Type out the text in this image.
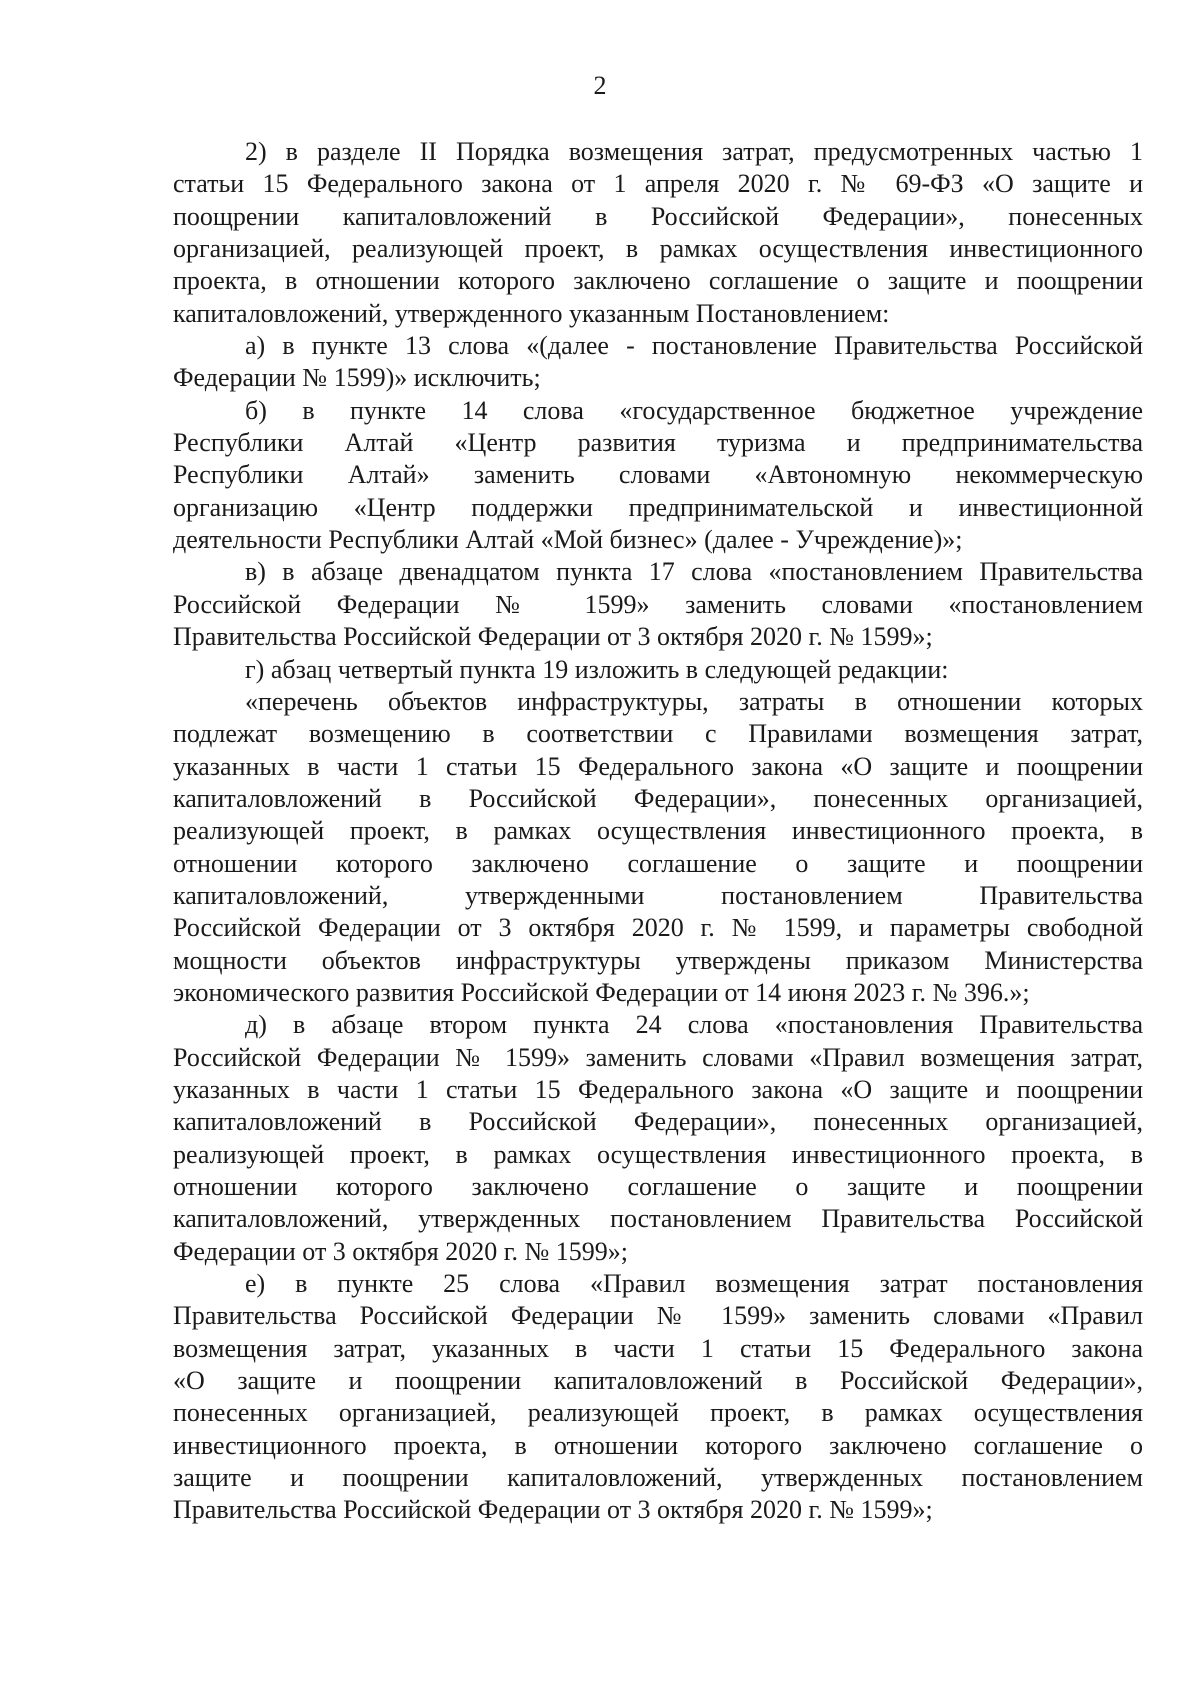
2
2) в разделе II Порядка возмещения затрат, предусмотренных частью 1
статьи 15 Федерального закона от 1 апреля 2020 г. № 69-ФЗ «О защите и
поощрении капиталовложений в Российской Федерации», понесенных
организацией, реализующей проект, в рамках осуществления инвестиционного
проекта, в отношении которого заключено соглашение о защите и поощрении
капиталовложений, утвержденного указанным Постановлением:
а) в пункте 13 слова «(далее - постановление Правительства Российской
Федерации № 1599)» исключить;
б) в пункте 14 слова «государственное бюджетное учреждение
Республики Алтай «Центр развития туризма и предпринимательства
Республики Алтай» заменить словами «Автономную некоммерческую
организацию «Центр поддержки предпринимательской и инвестиционной
деятельности Республики Алтай «Мой бизнес» (далее - Учреждение)»;
в) в абзаце двенадцатом пункта 17 слова «постановлением Правительства
Российской Федерации № 1599» заменить словами «постановлением
Правительства Российской Федерации от 3 октября 2020 г. № 1599»;
г) абзац четвертый пункта 19 изложить в следующей редакции:
«перечень объектов инфраструктуры, затраты в отношении которых
подлежат возмещению в соответствии с Правилами возмещения затрат,
указанных в части 1 статьи 15 Федерального закона «О защите и поощрении
капиталовложений в Российской Федерации», понесенных организацией,
реализующей проект, в рамках осуществления инвестиционного проекта, в
отношении которого заключено соглашение о защите и поощрении
капиталовложений, утвержденными постановлением Правительства
Российской Федерации от 3 октября 2020 г. № 1599, и параметры свободной
мощности объектов инфраструктуры утверждены приказом Министерства
экономического развития Российской Федерации от 14 июня 2023 г. № 396.»;
д) в абзаце втором пункта 24 слова «постановления Правительства
Российской Федерации № 1599» заменить словами «Правил возмещения затрат,
указанных в части 1 статьи 15 Федерального закона «О защите и поощрении
капиталовложений в Российской Федерации», понесенных организацией,
реализующей проект, в рамках осуществления инвестиционного проекта, в
отношении которого заключено соглашение о защите и поощрении
капиталовложений, утвержденных постановлением Правительства Российской
Федерации от 3 октября 2020 г. № 1599»;
е) в пункте 25 слова «Правил возмещения затрат постановления
Правительства Российской Федерации № 1599» заменить словами «Правил
возмещения затрат, указанных в части 1 статьи 15 Федерального закона
«О защите и поощрении капиталовложений в Российской Федерации»,
понесенных организацией, реализующей проект, в рамках осуществления
инвестиционного проекта, в отношении которого заключено соглашение о
защите и поощрении капиталовложений, утвержденных постановлением
Правительства Российской Федерации от 3 октября 2020 г. № 1599»;
